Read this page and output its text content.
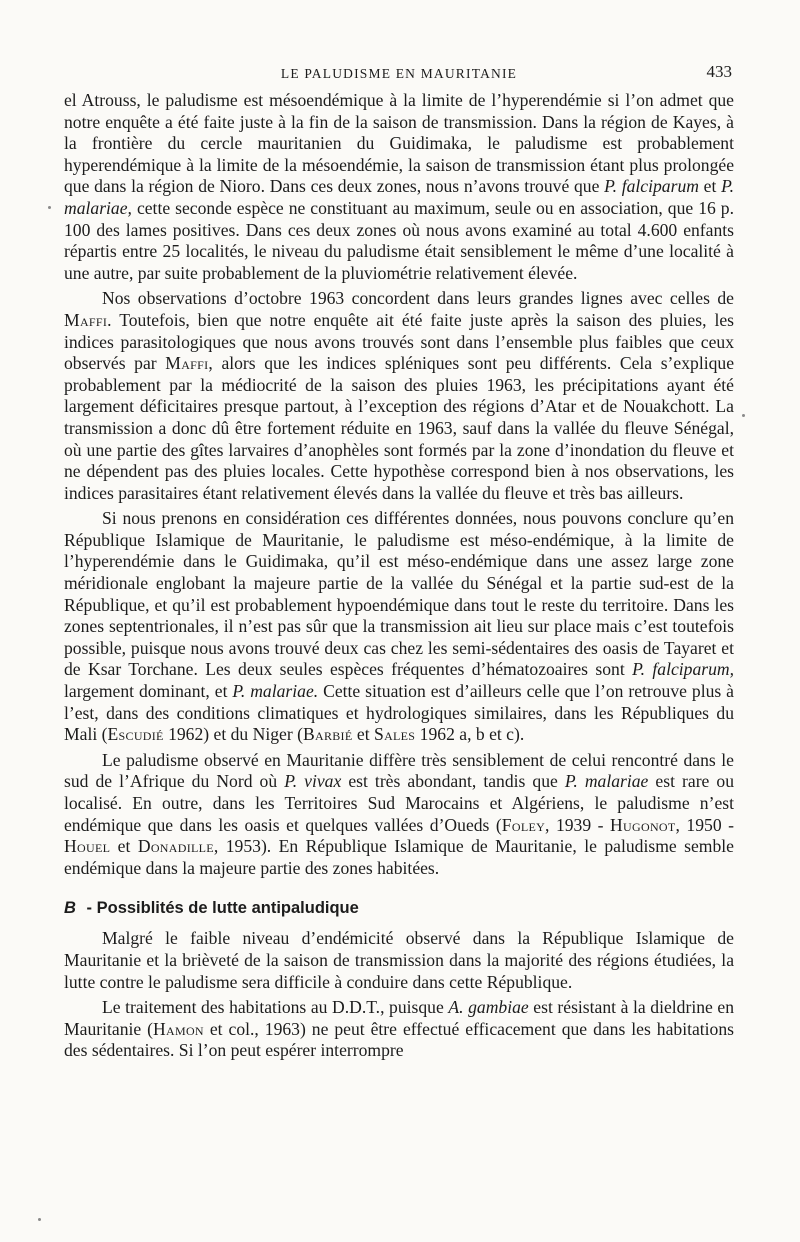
LE PALUDISME EN MAURITANIE	433

el Atrouss, le paludisme est mésoendémique à la limite de l’hyperendémie si l’on admet que notre enquête a été faite juste à la fin de la saison de transmission. Dans la région de Kayes, à la frontière du cercle mauritanien du Guidimaka, le paludisme est probablement hyperendémique à la limite de la mésoendémie, la saison de transmission étant plus prolongée que dans la région de Nioro. Dans ces deux zones, nous n’avons trouvé que P. falciparum et P. malariae, cette seconde espèce ne constituant au maximum, seule ou en association, que 16 p. 100 des lames positives. Dans ces deux zones où nous avons examiné au total 4.600 enfants répartis entre 25 localités, le niveau du paludisme était sensiblement le même d’une localité à une autre, par suite probablement de la pluviométrie relativement élevée.

Nos observations d’octobre 1963 concordent dans leurs grandes lignes avec celles de Maffi. Toutefois, bien que notre enquête ait été faite juste après la saison des pluies, les indices parasitologiques que nous avons trouvés sont dans l’ensemble plus faibles que ceux observés par Maffi, alors que les indices spléniques sont peu différents. Cela s’explique probablement par la médiocrité de la saison des pluies 1963, les précipitations ayant été largement déficitaires presque partout, à l’exception des régions d’Atar et de Nouakchott. La transmission a donc dû être fortement réduite en 1963, sauf dans la vallée du fleuve Sénégal, où une partie des gîtes larvaires d’anophèles sont formés par la zone d’inondation du fleuve et ne dépendent pas des pluies locales. Cette hypothèse correspond bien à nos observations, les indices parasitaires étant relativement élevés dans la vallée du fleuve et très bas ailleurs.

Si nous prenons en considération ces différentes données, nous pouvons conclure qu’en République Islamique de Mauritanie, le paludisme est méso-endémique, à la limite de l’hyperendémie dans le Guidimaka, qu’il est méso-endémique dans une assez large zone méridionale englobant la majeure partie de la vallée du Sénégal et la partie sud-est de la République, et qu’il est probablement hypoendémique dans tout le reste du territoire. Dans les zones septentrionales, il n’est pas sûr que la transmission ait lieu sur place mais c’est toutefois possible, puisque nous avons trouvé deux cas chez les semi-sédentaires des oasis de Tayaret et de Ksar Torchane. Les deux seules espèces fréquentes d’hématozoaires sont P. falciparum, largement dominant, et P. malariae. Cette situation est d’ailleurs celle que l’on retrouve plus à l’est, dans des conditions climatiques et hydrologiques similaires, dans les Républiques du Mali (Escudié 1962) et du Niger (Barbié et Sales 1962 a, b et c).

Le paludisme observé en Mauritanie diffère très sensiblement de celui rencontré dans le sud de l’Afrique du Nord où P. vivax est très abondant, tandis que P. malariae est rare ou localisé. En outre, dans les Territoires Sud Marocains et Algériens, le paludisme n’est endémique que dans les oasis et quelques vallées d’Oueds (Foley, 1939 - Hugonot, 1950 - Houel et Donadille, 1953). En République Islamique de Mauritanie, le paludisme semble endémique dans la majeure partie des zones habitées.

B - Possiblités de lutte antipaludique

Malgré le faible niveau d’endémicité observé dans la République Islamique de Mauritanie et la brièveté de la saison de transmission dans la majorité des régions étudiées, la lutte contre le paludisme sera difficile à conduire dans cette République.

Le traitement des habitations au D.D.T., puisque A. gambiae est résistant à la dieldrine en Mauritanie (Hamon et col., 1963) ne peut être effectué efficacement que dans les habitations des sédentaires. Si l’on peut espérer interrompre
